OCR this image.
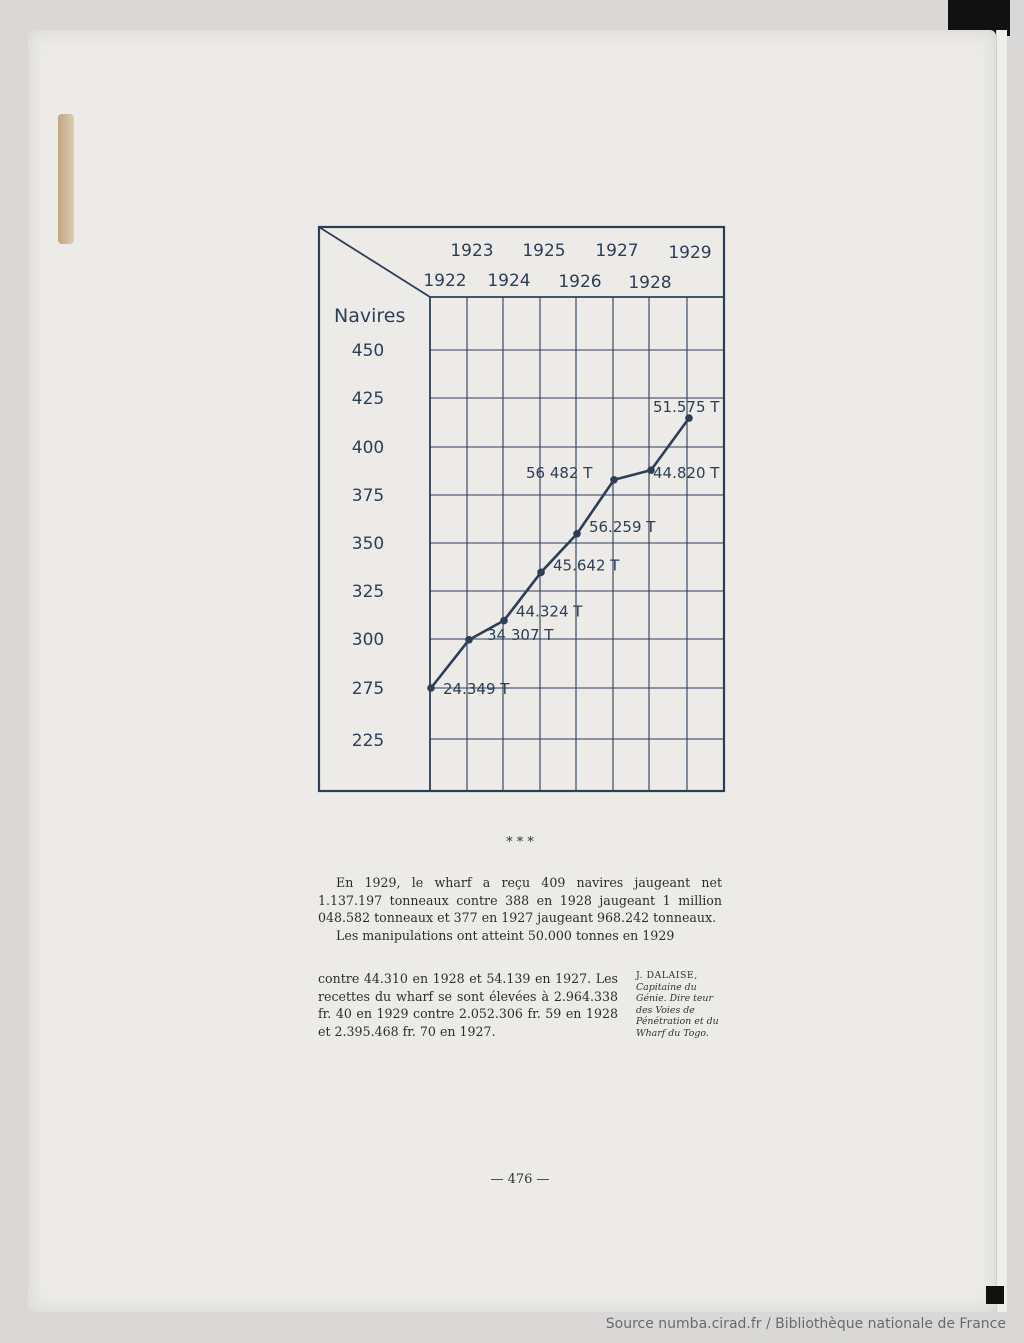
Navires
450
425
400
375
350
325
300
275
225
1923 1925 1927 1929
1922 1924 1926 1928
24.349 T
34 307 T
44.324 T
45.642 T
56.259 T
56 482 T	44.820 T
51.575 T
* * *

En 1929, le wharf a reçu 409 navires jaugeant net 1.137.197 tonneaux contre 388 en 1928 jaugeant 1 million 048.582 tonneaux et 377 en 1927 jaugeant 968.242 tonneaux.

Les manipulations ont atteint 50.000 tonnes en 1929

contre 44.310 en 1928 et 54.139 en 1927. Les recettes du wharf se sont élevées à 2.964.338 fr. 40 en 1929 contre 2.052.306 fr. 59 en 1928 et 2.395.468 fr. 70 en 1927.

J. DALAISE,
Capitaine du Génie. Dire teur des Voies de Pénétration et du Wharf du Togo.
— 476 —
Source numba.cirad.fr / Bibliothèque nationale de France
